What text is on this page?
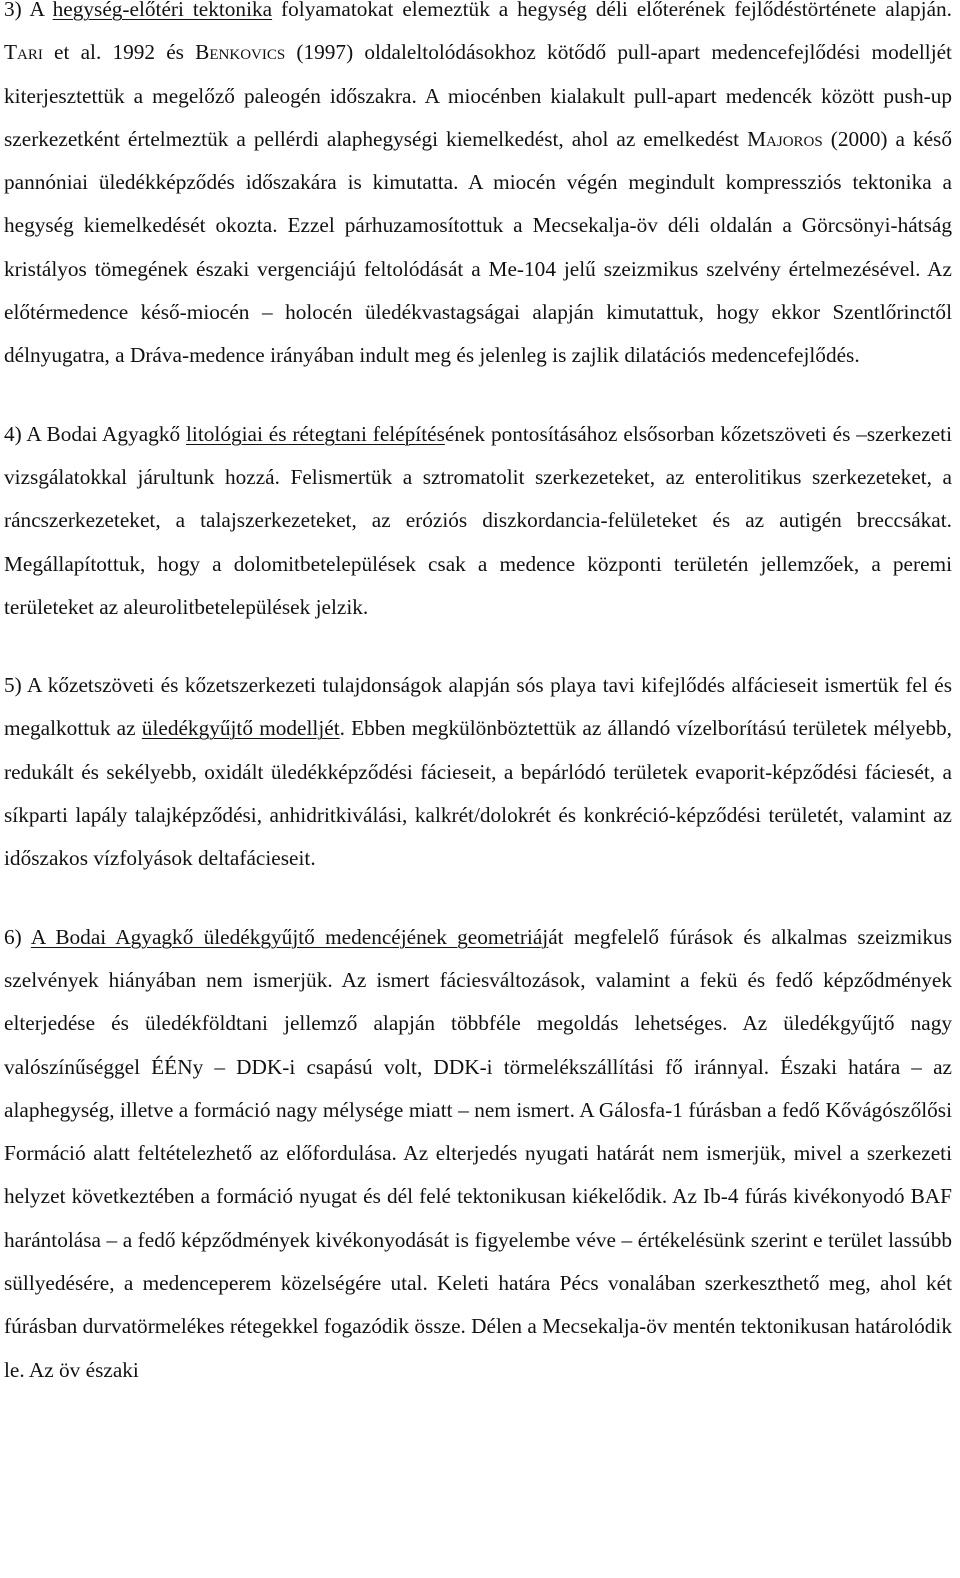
3) A hegység-előtéri tektonika folyamatokat elemeztük a hegység déli előterének fejlődéstörténete alapján. Tari et al. 1992 és Benkovics (1997) oldaleltolódásokhoz kötődő pull-apart medencefejlődési modelljét kiterjesztettük a megelőző paleogén időszakra. A miocénben kialakult pull-apart medencék között push-up szerkezetként értelmeztük a pellérdi alaphegységi kiemelkedést, ahol az emelkedést Majoros (2000) a késő pannóniai üledékképződés időszakára is kimutatta. A miocén végén megindult kompressziós tektonika a hegység kiemelkedését okozta. Ezzel párhuzamosítottuk a Mecsekalja-öv déli oldalán a Görcsönyi-hátság kristályos tömegének északi vergenciájú feltolódását a Me-104 jelű szeizmikus szelvény értelmezésével. Az előtérmedence késő-miocén – holocén üledékvastagságai alapján kimutattuk, hogy ekkor Szentlőrinctől délnyugatra, a Dráva-medence irányában indult meg és jelenleg is zajlik dilatációs medencefejlődés.

4) A Bodai Agyagkő litológiai és rétegtani felépítésének pontosításához elsősorban kőzetszöveti és –szerkezeti vizsgálatokkal járultunk hozzá. Felismertük a sztromatolit szerkezeteket, az enterolitikus szerkezeteket, a ráncszerkezeteket, a talajszerkezeteket, az eróziós diszkordancia-felületeket és az autigén breccsákat. Megállapítottuk, hogy a dolomitbetelepülések csak a medence központi területén jellemzőek, a peremi területeket az aleurolitbetelepülések jelzik.

5) A kőzetszöveti és kőzetszerkezeti tulajdonságok alapján sós playa tavi kifejlődés alfácieseit ismertük fel és megalkottuk az üledékgyűjtő modelljét. Ebben megkülönböztettük az állandó vízelborítású területek mélyebb, redukált és sekélyebb, oxidált üledékképződési fácieseit, a bepárlódó területek evaporit-képződési fáciesét, a síkparti lapály talajképződési, anhidritkiválási, kalkrét/dolokrét és konkréció-képződési területét, valamint az időszakos vízfolyások deltafácieseit.

6) A Bodai Agyagkő üledékgyűjtő medencéjének geometriáját megfelelő fúrások és alkalmas szeizmikus szelvények hiányában nem ismerjük. Az ismert fáciesváltozások, valamint a fekü és fedő képződmények elterjedése és üledékföldtani jellemző alapján többféle megoldás lehetséges. Az üledékgyűjtő nagy valószínűséggel ÉÉNy – DDK-i csapású volt, DDK-i törmelékszállítási fő iránnyal. Északi határa – az alaphegység, illetve a formáció nagy mélysége miatt – nem ismert. A Gálosfa-1 fúrásban a fedő Kővágószőlősi Formáció alatt feltételezhető az előfordulása. Az elterjedés nyugati határát nem ismerjük, mivel a szerkezeti helyzet következtében a formáció nyugat és dél felé tektonikusan kiékelődik. Az Ib-4 fúrás kivékonyodó BAF harántolása – a fedő képződmények kivékonyodását is figyelembe véve – értékelésünk szerint e terület lassúbb süllyedésére, a medenceperem közelségére utal. Keleti határa Pécs vonalában szerkeszthető meg, ahol két fúrásban durvatörmelékes rétegekkel fogazódik össze. Délen a Mecsekalja-öv mentén tektonikusan határolódik le. Az öv északi
